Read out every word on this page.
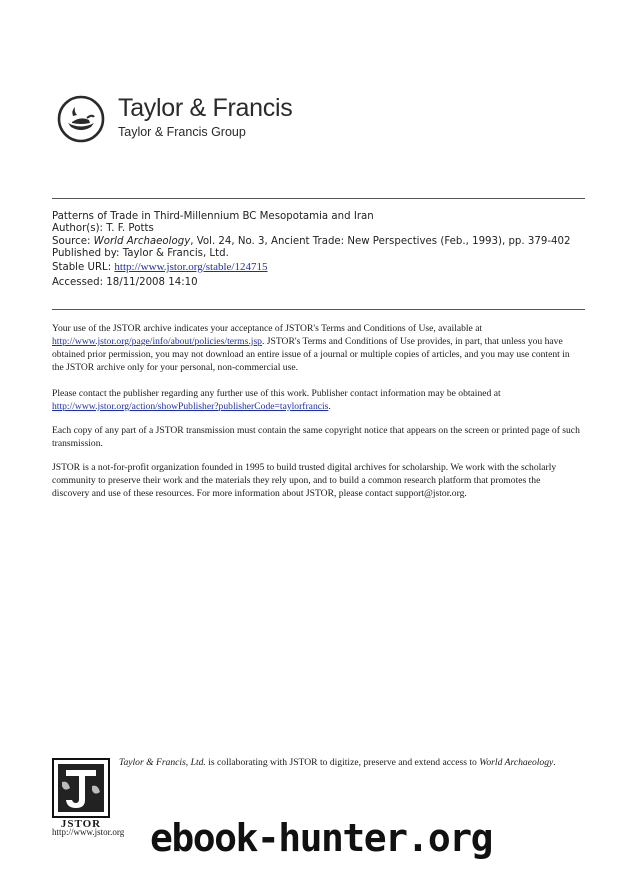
Taylor & Francis
Taylor & Francis Group
Patterns of Trade in Third-Millennium BC Mesopotamia and Iran
Author(s): T. F. Potts
Source: World Archaeology, Vol. 24, No. 3, Ancient Trade: New Perspectives (Feb., 1993), pp. 379-402
Published by: Taylor & Francis, Ltd.
Stable URL: http://www.jstor.org/stable/124715
Accessed: 18/11/2008 14:10
Your use of the JSTOR archive indicates your acceptance of JSTOR's Terms and Conditions of Use, available at http://www.jstor.org/page/info/about/policies/terms.jsp. JSTOR's Terms and Conditions of Use provides, in part, that unless you have obtained prior permission, you may not download an entire issue of a journal or multiple copies of articles, and you may use content in the JSTOR archive only for your personal, non-commercial use.
Please contact the publisher regarding any further use of this work. Publisher contact information may be obtained at http://www.jstor.org/action/showPublisher?publisherCode=taylorfrancis.
Each copy of any part of a JSTOR transmission must contain the same copyright notice that appears on the screen or printed page of such transmission.
JSTOR is a not-for-profit organization founded in 1995 to build trusted digital archives for scholarship. We work with the scholarly community to preserve their work and the materials they rely upon, and to build a common research platform that promotes the discovery and use of these resources. For more information about JSTOR, please contact support@jstor.org.
JSTOR
http://www.jstor.org
Taylor & Francis, Ltd. is collaborating with JSTOR to digitize, preserve and extend access to World Archaeology.
ebook-hunter.org
